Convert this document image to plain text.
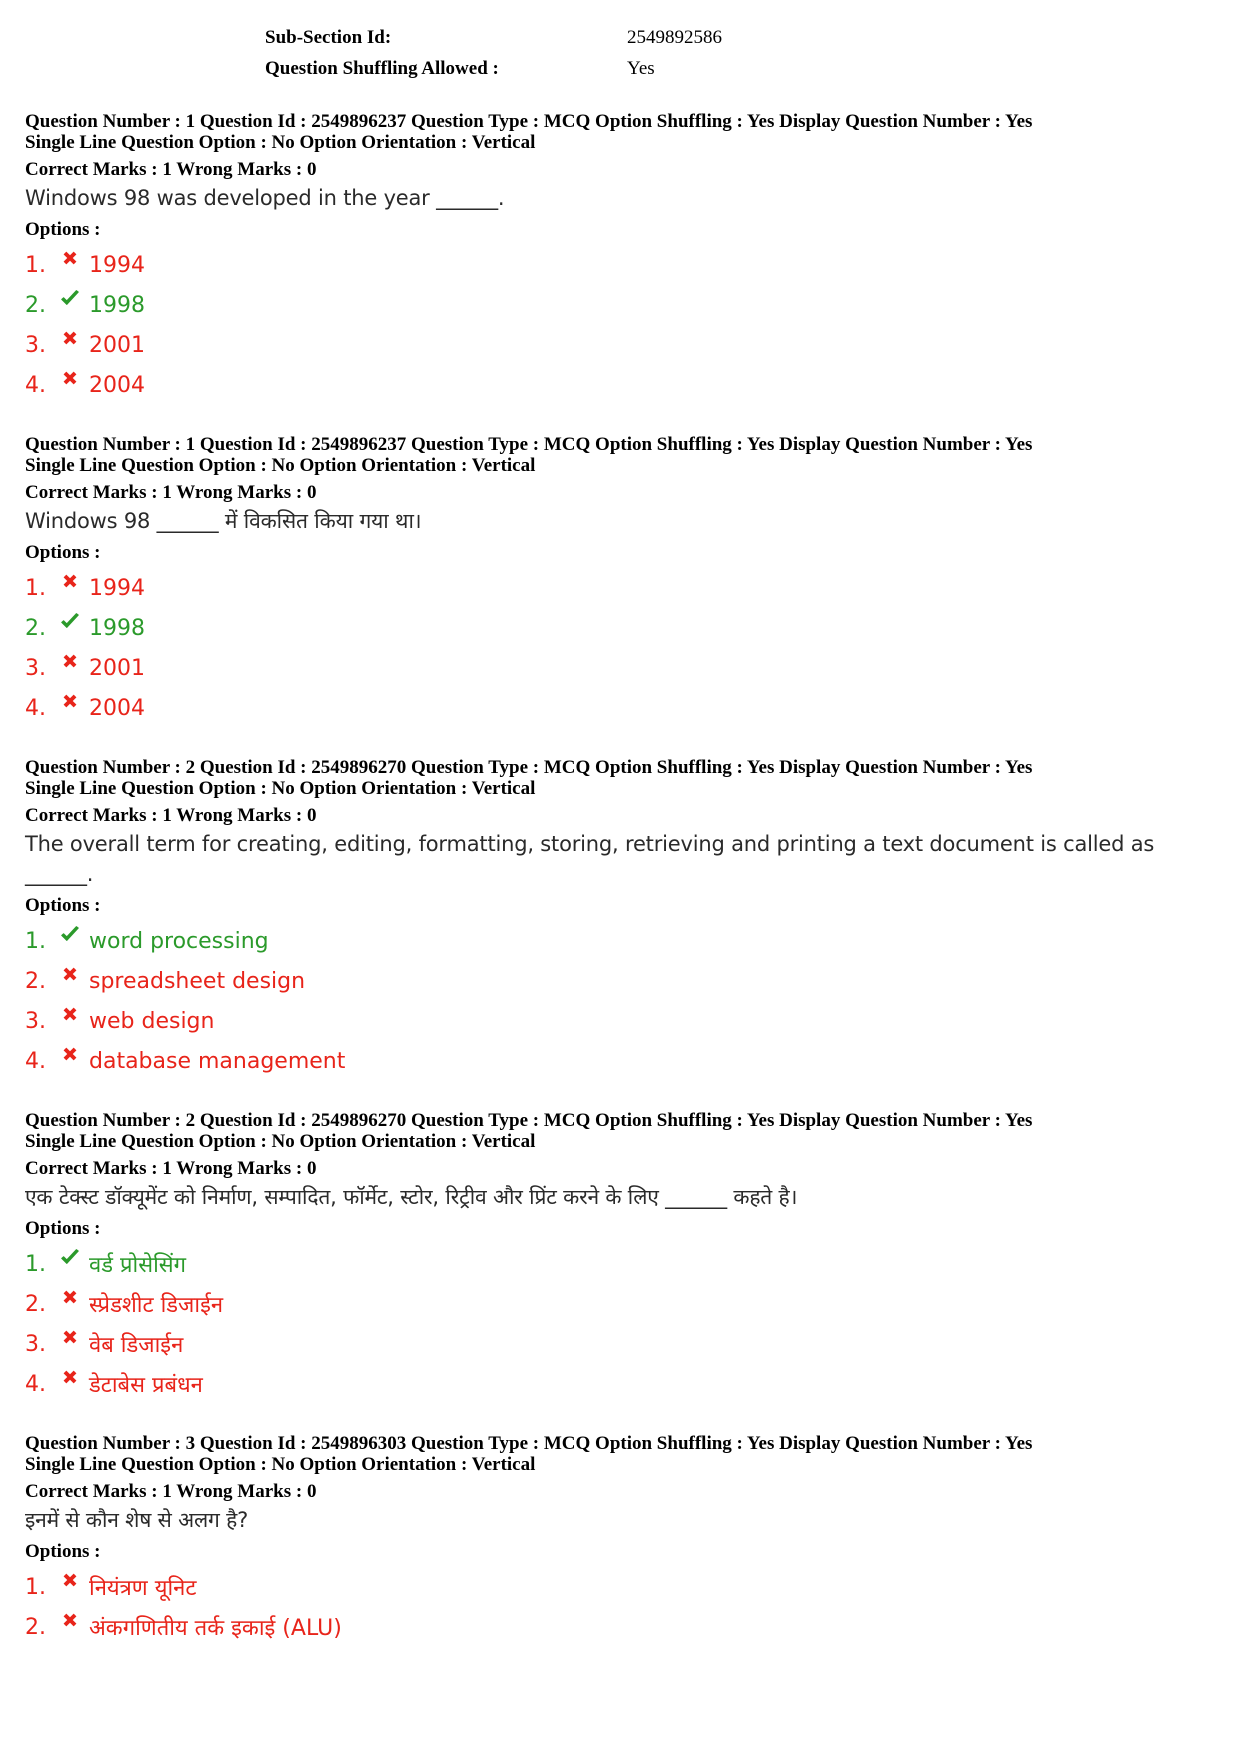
Sub-Section Id:	2549892586
Question Shuffling Allowed :	Yes
Question Number : 1 Question Id : 2549896237 Question Type : MCQ Option Shuffling : Yes Display Question Number : Yes
Single Line Question Option : No Option Orientation : Vertical
Correct Marks : 1 Wrong Marks : 0
Windows 98 was developed in the year ______.
Options :
1.	1994
2.	1998
3.	2001
4.	2004
Question Number : 1 Question Id : 2549896237 Question Type : MCQ Option Shuffling : Yes Display Question Number : Yes
Single Line Question Option : No Option Orientation : Vertical
Correct Marks : 1 Wrong Marks : 0
Windows 98 ______ में विकसित किया गया था।
Options :
1.	1994
2.	1998
3.	2001
4.	2004
Question Number : 2 Question Id : 2549896270 Question Type : MCQ Option Shuffling : Yes Display Question Number : Yes
Single Line Question Option : No Option Orientation : Vertical
Correct Marks : 1 Wrong Marks : 0
The overall term for creating, editing, formatting, storing, retrieving and printing a text document is called as ______.
Options :
1.	word processing
2.	spreadsheet design
3.	web design
4.	database management
Question Number : 2 Question Id : 2549896270 Question Type : MCQ Option Shuffling : Yes Display Question Number : Yes
Single Line Question Option : No Option Orientation : Vertical
Correct Marks : 1 Wrong Marks : 0
एक टेक्स्ट डॉक्यूमेंट को निर्माण, सम्पादित, फॉर्मेट, स्टोर, रिट्रीव और प्रिंट करने के लिए ______ कहते है।
Options :
1.	वर्ड प्रोसेसिंग
2.	स्प्रेडशीट डिजाईन
3.	वेब डिजाईन
4.	डेटाबेस प्रबंधन
Question Number : 3 Question Id : 2549896303 Question Type : MCQ Option Shuffling : Yes Display Question Number : Yes
Single Line Question Option : No Option Orientation : Vertical
Correct Marks : 1 Wrong Marks : 0
इनमें से कौन शेष से अलग है?
Options :
1.	नियंत्रण यूनिट
2.	अंकगणितीय तर्क इकाई (ALU)
